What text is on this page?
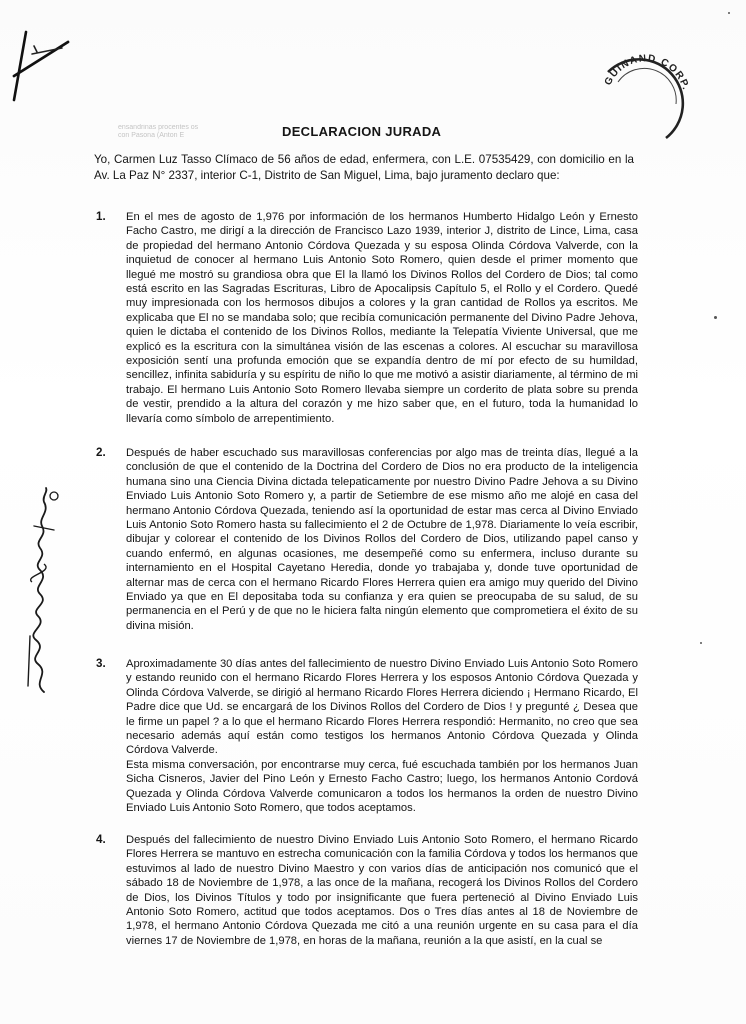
GUINAND CORP.
ensandrinas procentes os
con Pasona (Anton E	DECLARACION JURADA
Yo, Carmen Luz Tasso Clímaco de 56 años de edad, enfermera, con L.E. 07535429, con domicilio en la Av. La Paz N° 2337, interior C-1, Distrito de San Miguel, Lima, bajo juramento declaro que:
1.	En el mes de agosto de 1,976 por información de los hermanos Humberto Hidalgo León y Ernesto Facho Castro, me dirigí a la dirección de Francisco Lazo 1939, interior J, distrito de Lince, Lima, casa de propiedad del hermano Antonio Córdova Quezada y su esposa Olinda Córdova Valverde, con la inquietud de conocer al hermano Luis Antonio Soto Romero, quien desde el primer momento que llegué me mostró su grandiosa obra que El la llamó los Divinos Rollos del Cordero de Dios; tal como está escrito en las Sagradas Escrituras, Libro de Apocalipsis Capítulo 5, el Rollo y el Cordero. Quedé muy impresionada con los hermosos dibujos a colores y la gran cantidad de Rollos ya escritos. Me explicaba que El no se mandaba solo; que recibía comunicación permanente del Divino Padre Jehova, quien le dictaba el contenido de los Divinos Rollos, mediante la Telepatía Viviente Universal, que me explicó es la escritura con la simultánea visión de las escenas a colores. Al escuchar su maravillosa exposición sentí una profunda emoción que se expandía dentro de mí por efecto de su humildad, sencillez, infinita sabiduría y su espíritu de niño lo que me motivó a asistir diariamente, al término de mi trabajo. El hermano Luis Antonio Soto Romero llevaba siempre un corderito de plata sobre su prenda de vestir, prendido a la altura del corazón y me hizo saber que, en el futuro, toda la humanidad lo llevaría como símbolo de arrepentimiento.

2.	Después de haber escuchado sus maravillosas conferencias por algo mas de treinta días, llegué a la conclusión de que el contenido de la Doctrina del Cordero de Dios no era producto de la inteligencia humana sino una Ciencia Divina dictada telepaticamente por nuestro Divino Padre Jehova a su Divino Enviado Luis Antonio Soto Romero y, a partir de Setiembre de ese mismo año me alojé en casa del hermano Antonio Córdova Quezada, teniendo así la oportunidad de estar mas cerca al Divino Enviado Luis Antonio Soto Romero hasta su fallecimiento el 2 de Octubre de 1,978. Diariamente lo veía escribir, dibujar y colorear el contenido de los Divinos Rollos del Cordero de Dios, utilizando papel canso y cuando enfermó, en algunas ocasiones, me desempeñé como su enfermera, incluso durante su internamiento en el Hospital Cayetano Heredia, donde yo trabajaba y, donde tuve oportunidad de alternar mas de cerca con el hermano Ricardo Flores Herrera quien era amigo muy querido del Divino Enviado ya que en El depositaba toda su confianza y era quien se preocupaba de su salud, de su permanencia en el Perú y de que no le hiciera falta ningún elemento que comprometiera el éxito de su divina misión.

3.	Aproximadamente 30 días antes del fallecimiento de nuestro Divino Enviado Luis Antonio Soto Romero y estando reunido con el hermano Ricardo Flores Herrera y los esposos Antonio Córdova Quezada y Olinda Córdova Valverde, se dirigió al hermano Ricardo Flores Herrera diciendo ¡ Hermano Ricardo, El Padre dice que Ud. se encargará de los Divinos Rollos del Cordero de Dios ! y pregunté ¿ Desea que le firme un papel ? a lo que el hermano Ricardo Flores Herrera respondió: Hermanito, no creo que sea necesario además aquí están como testigos los hermanos Antonio Córdova Quezada y Olinda Córdova Valverde.

Esta misma conversación, por encontrarse muy cerca, fué escuchada también por los hermanos Juan Sicha Cisneros, Javier del Pino León y Ernesto Facho Castro; luego, los hermanos Antonio Cordová Quezada y Olinda Córdova Valverde comunicaron a todos los hermanos la orden de nuestro Divino Enviado Luis Antonio Soto Romero, que todos aceptamos.

4.	Después del fallecimiento de nuestro Divino Enviado Luis Antonio Soto Romero, el hermano Ricardo Flores Herrera se mantuvo en estrecha comunicación con la familia Córdova y todos los hermanos que estuvimos al lado de nuestro Divino Maestro y con varios días de anticipación nos comunicó que el sábado 18 de Noviembre de 1,978, a las once de la mañana, recogerá los Divinos Rollos del Cordero de Dios, los Divinos Títulos y todo por insignificante que fuera perteneció al Divino Enviado Luis Antonio Soto Romero, actitud que todos aceptamos. Dos o Tres días antes al 18 de Noviembre de 1,978, el hermano Antonio Córdova Quezada me citó a una reunión urgente en su casa para el día viernes 17 de Noviembre de 1,978, en horas de la mañana, reunión a la que asistí, en la cual se
